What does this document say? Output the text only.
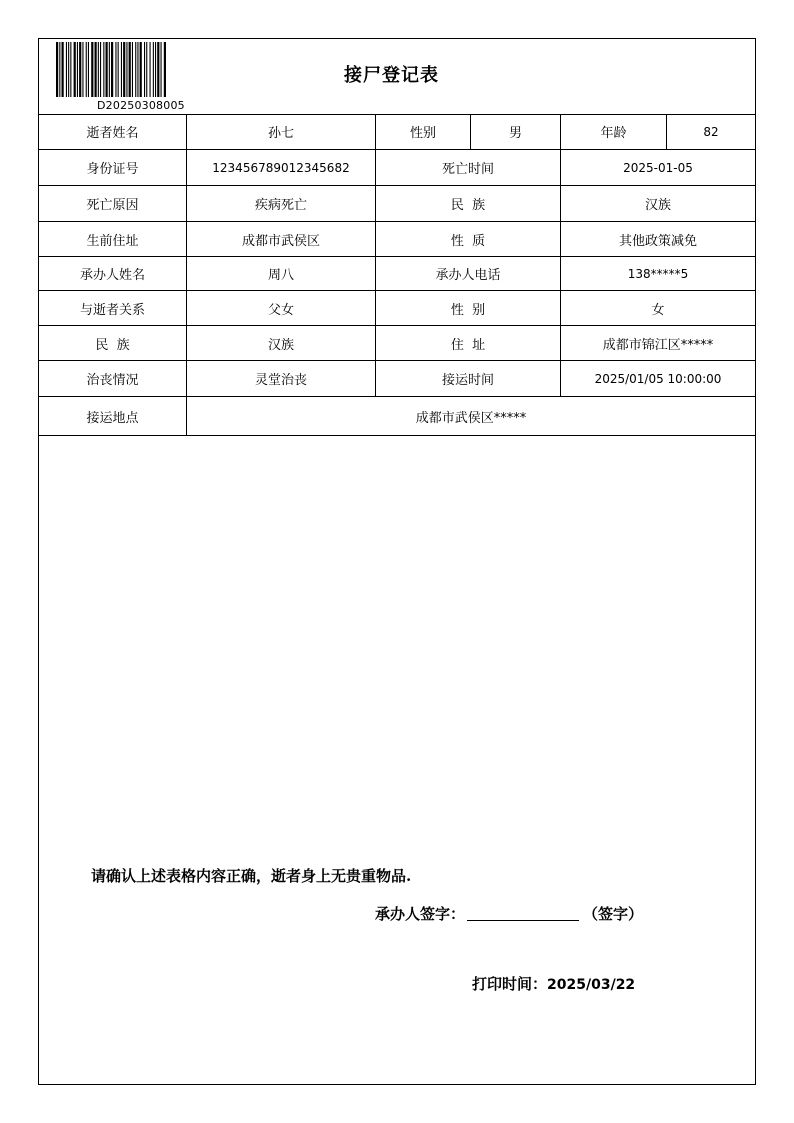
D20250308005
接尸登记表
逝者姓名	孙七	性别	男	年龄	82
身份证号	123456789012345682	死亡时间	2025-01-05
死亡原因	疾病死亡	民  族	汉族
生前住址	成都市武侯区	性  质	其他政策减免
承办人姓名	周八	承办人电话	138*****5
与逝者关系	父女	性  别	女
民  族	汉族	住  址	成都市锦江区*****
治丧情况	灵堂治丧	接运时间	2025/01/05 10:00:00
接运地点	成都市武侯区*****
请确认上述表格内容正确，逝者身上无贵重物品.
承办人签字：	（签字）
打印时间：2025/03/22
